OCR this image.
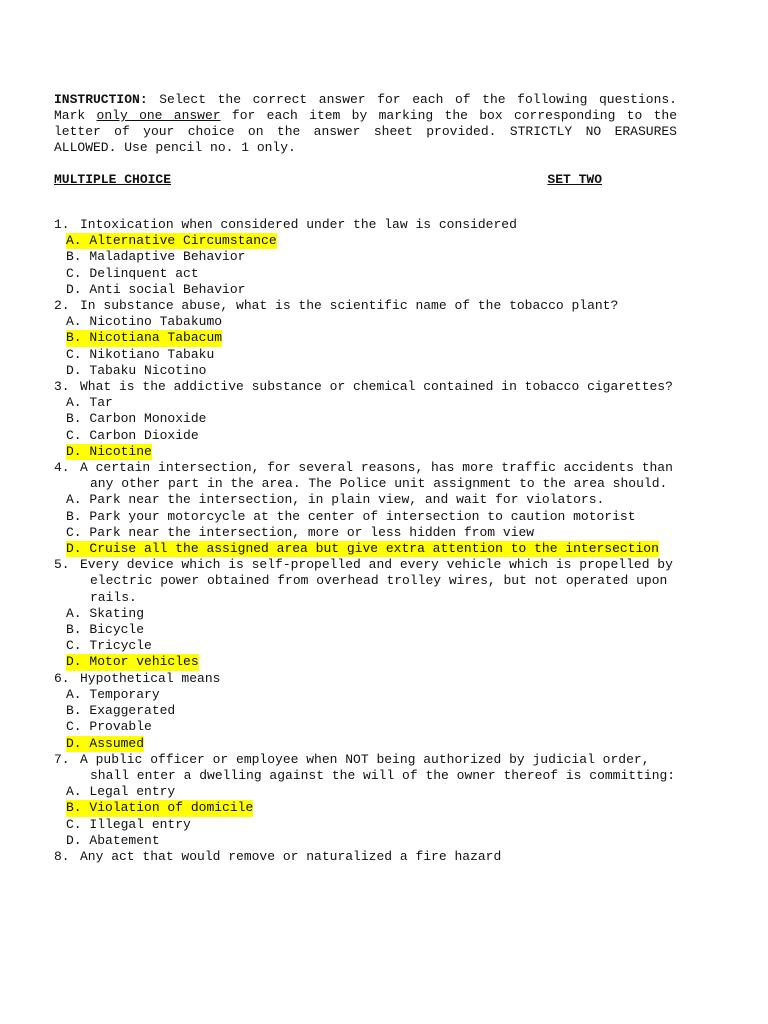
INSTRUCTION: Select the correct answer for each of the following questions. Mark only one answer for each item by marking the box corresponding to the letter of your choice on the answer sheet provided. STRICTLY NO ERASURES ALLOWED. Use pencil no. 1 only.
MULTIPLE CHOICE	SET TWO
1. Intoxication when considered under the law is considered
A. Alternative Circumstance
B. Maladaptive Behavior
C. Delinquent act
D. Anti social Behavior
2. In substance abuse, what is the scientific name of the tobacco plant?
A. Nicotino Tabakumo
B. Nicotiana Tabacum
C. Nikotiano Tabaku
D. Tabaku Nicotino
3. What is the addictive substance or chemical contained in tobacco cigarettes?
A. Tar
B. Carbon Monoxide
C. Carbon Dioxide
D. Nicotine
4. A certain intersection, for several reasons, has more traffic accidents than any other part in the area. The Police unit assignment to the area should.
A. Park near the intersection, in plain view, and wait for violators.
B. Park your motorcycle at the center of intersection to caution motorist
C. Park near the intersection, more or less hidden from view
D. Cruise all the assigned area but give extra attention to the intersection
5. Every device which is self-propelled and every vehicle which is propelled by electric power obtained from overhead trolley wires, but not operated upon rails.
A. Skating
B. Bicycle
C. Tricycle
D. Motor vehicles
6. Hypothetical means
A. Temporary
B. Exaggerated
C. Provable
D. Assumed
7. A public officer or employee when NOT being authorized by judicial order, shall enter a dwelling against the will of the owner thereof is committing:
A. Legal entry
B. Violation of domicile
C. Illegal entry
D. Abatement
8. Any act that would remove or naturalized a fire hazard
